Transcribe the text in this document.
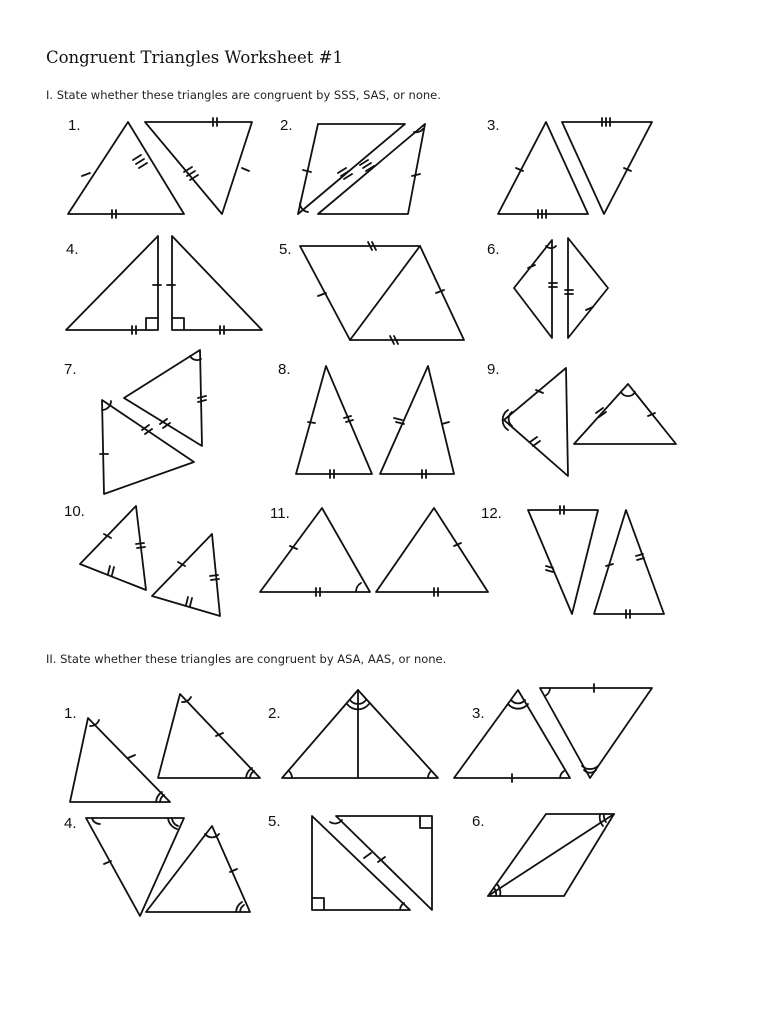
Congruent Triangles Worksheet #1

I. State whether these triangles are congruent by SSS, SAS, or none.

1.	2.	3.
4.	5.	6.
7.	8.	9.
10.	11.	12.

II. State whether these triangles are congruent by ASA, AAS, or none.

1.	2.	3.
4.	5.	6.
